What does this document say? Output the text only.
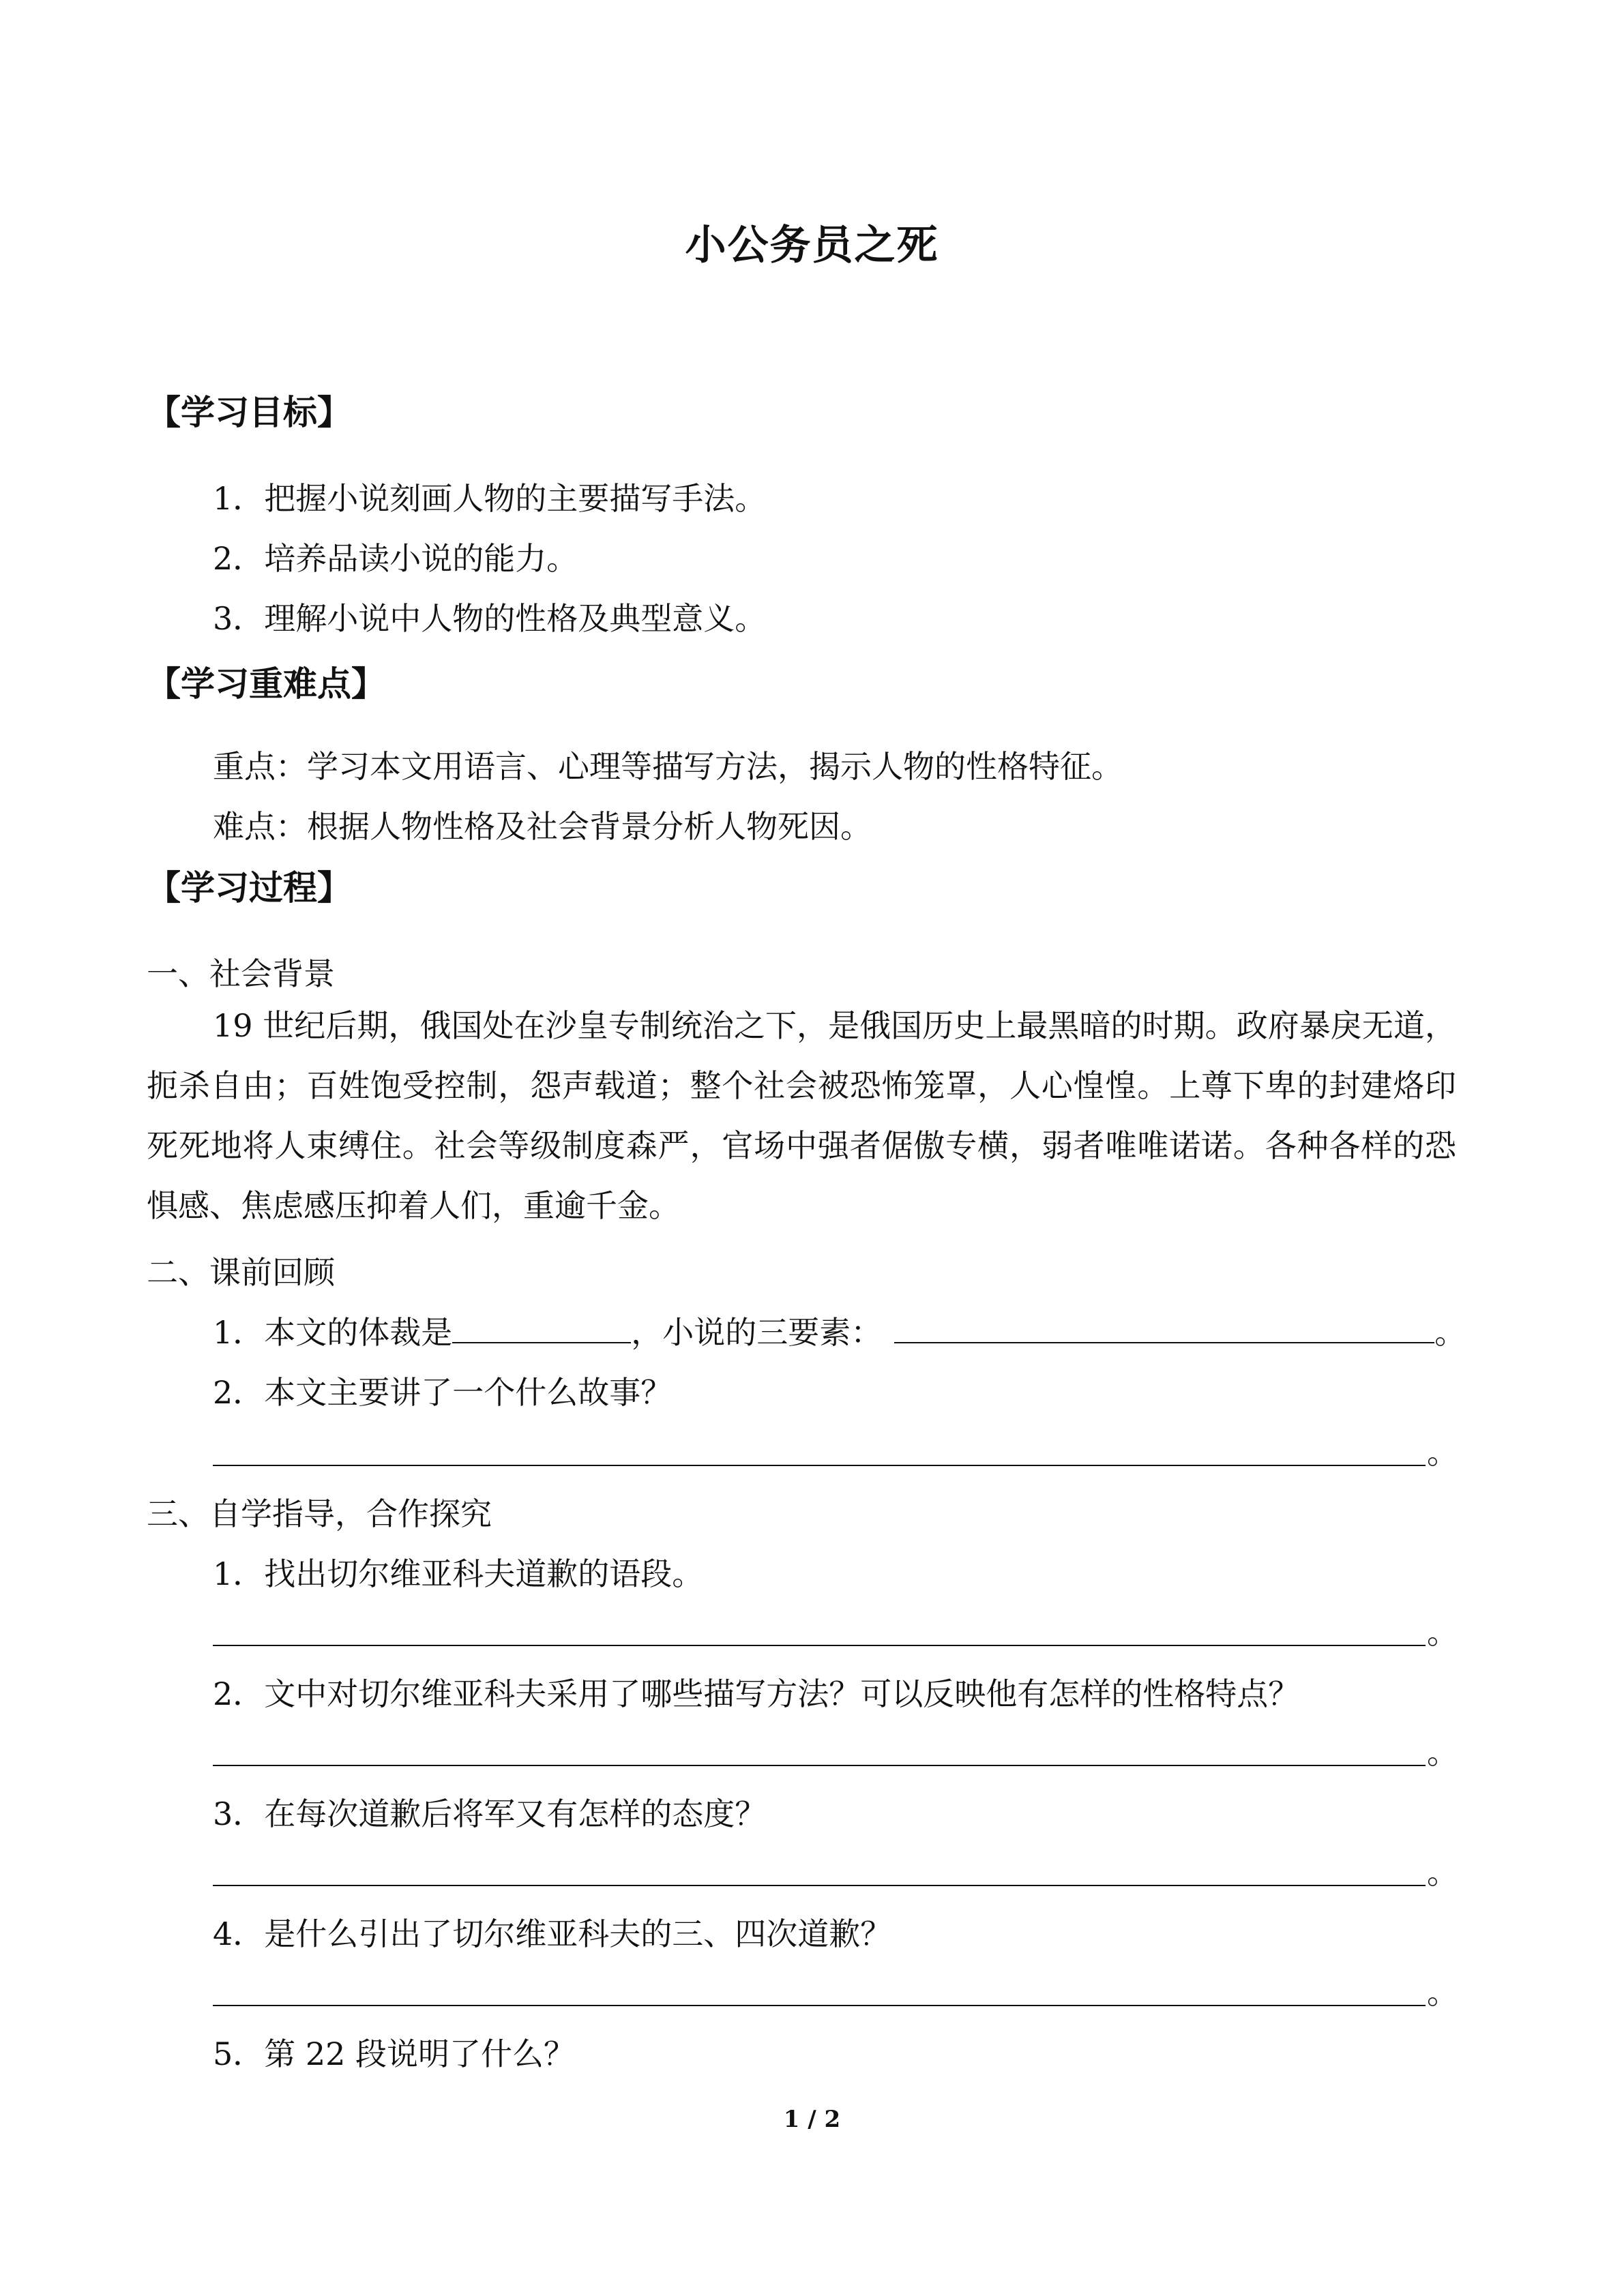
小公务员之死
【学习目标】
1．把握小说刻画人物的主要描写手法。
2．培养品读小说的能力。
3．理解小说中人物的性格及典型意义。
【学习重难点】
重点：学习本文用语言、心理等描写方法，揭示人物的性格特征。
难点：根据人物性格及社会背景分析人物死因。
【学习过程】
一、社会背景

19 世纪后期，俄国处在沙皇专制统治之下，是俄国历史上最黑暗的时期。政府暴戾无道，扼杀自由；百姓饱受控制，怨声载道；整个社会被恐怖笼罩，人心惶惶。上尊下卑的封建烙印死死地将人束缚住。社会等级制度森严，官场中强者倨傲专横，弱者唯唯诺诺。各种各样的恐惧感、焦虑感压抑着人们，重逾千金。

二、课前回顾
1．本文的体裁是	，小说的三要素：	。
2．本文主要讲了一个什么故事？
。
三、自学指导，合作探究
1．找出切尔维亚科夫道歉的语段。
。
2．文中对切尔维亚科夫采用了哪些描写方法？可以反映他有怎样的性格特点？
。
3．在每次道歉后将军又有怎样的态度？
。
4．是什么引出了切尔维亚科夫的三、四次道歉？
。
5．第 22 段说明了什么？
1 / 2
